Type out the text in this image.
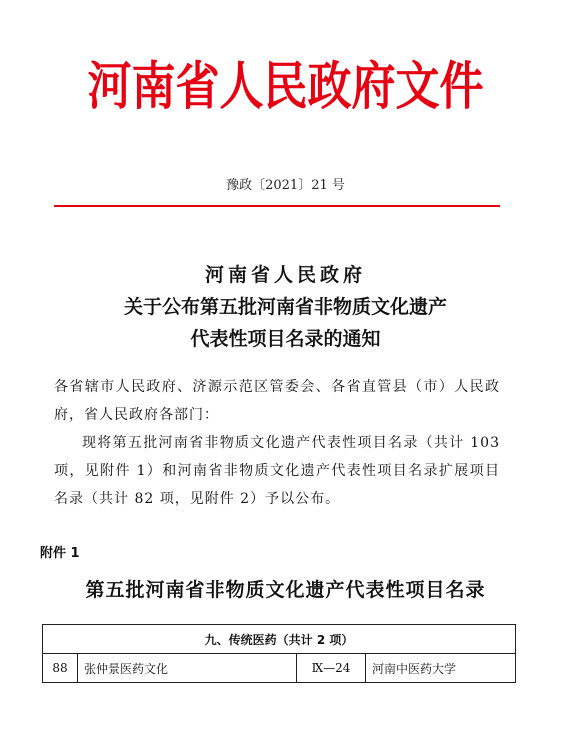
河南省人民政府文件
豫政〔2021〕21 号
河南省人民政府
关于公布第五批河南省非物质文化遗产
代表性项目名录的通知

各省辖市人民政府、济源示范区管委会、各省直管县（市）人民政府，省人民政府各部门：

现将第五批河南省非物质文化遗产代表性项目名录（共计 103 项，见附件 1）和河南省非物质文化遗产代表性项目名录扩展项目名录（共计 82 项，见附件 2）予以公布。

附件 1
第五批河南省非物质文化遗产代表性项目名录
九、传统医药（共计 2 项）
88	张仲景医药文化	Ⅸ—24	河南中医药大学
